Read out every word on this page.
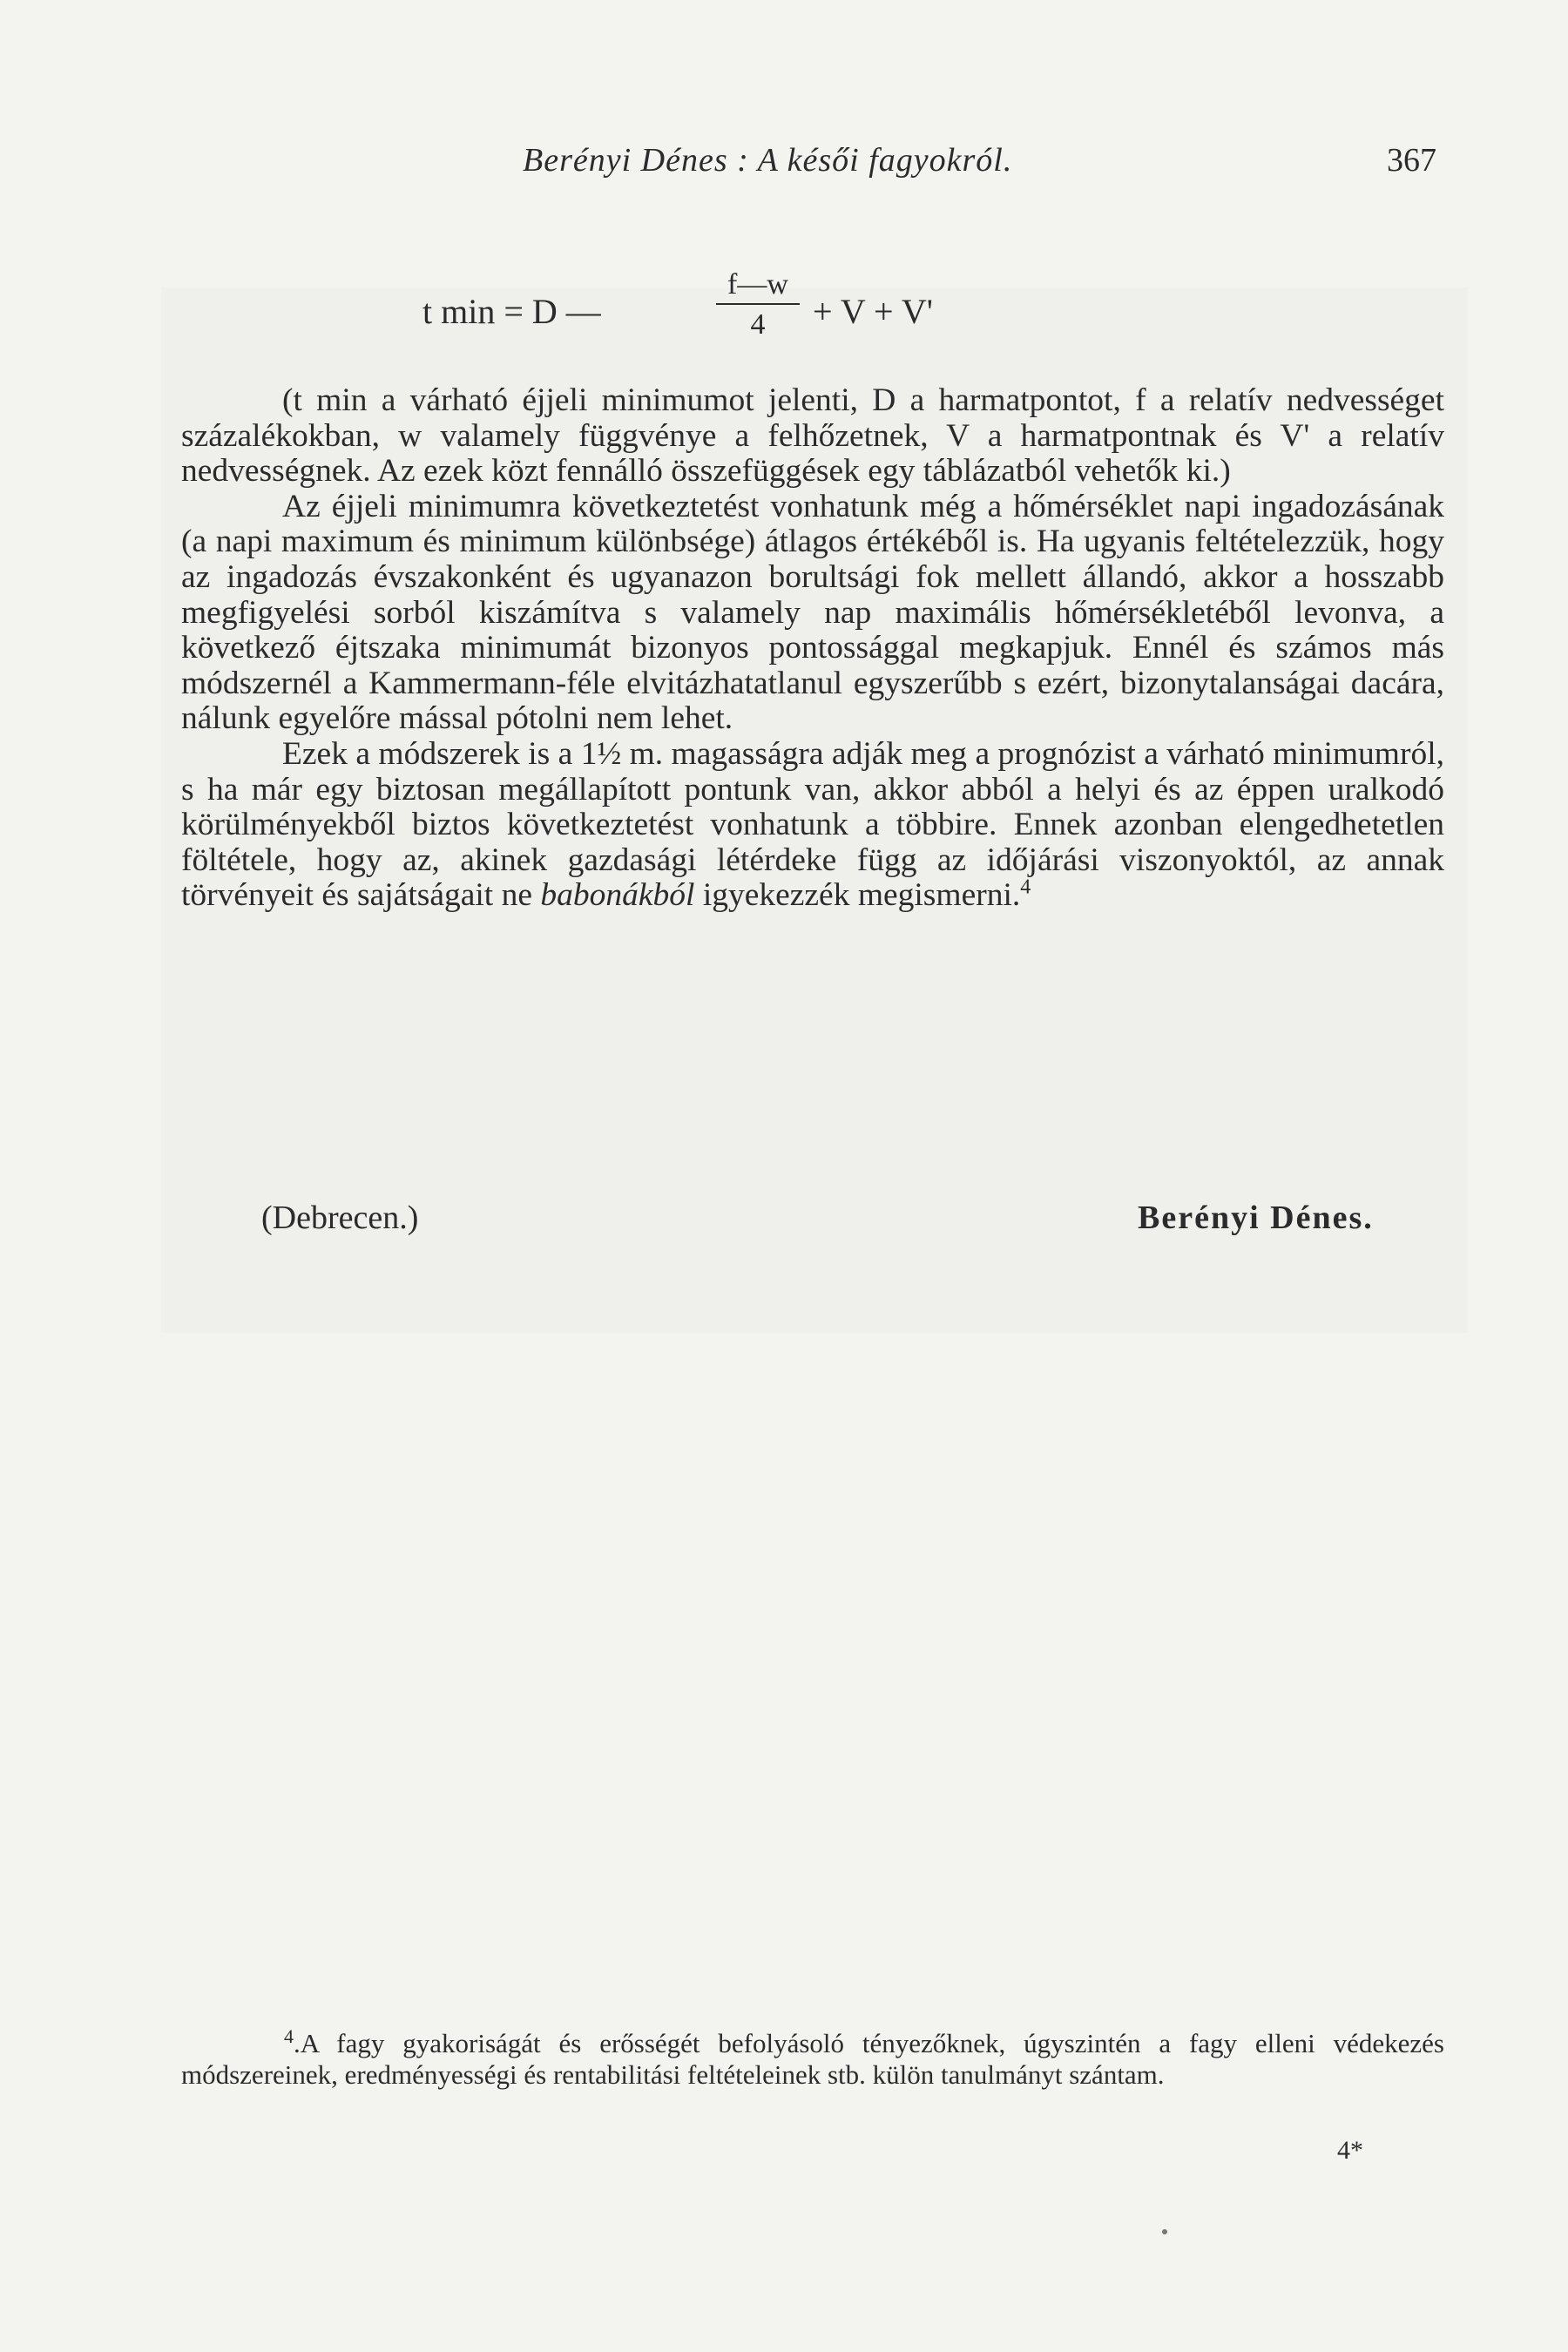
Berényi Dénes : A késői fagyokról.	367
t min = D —
f—w
4	+ V + V'

(t min a várható éjjeli minimumot jelenti, D a harmatpontot, f a relatív nedvességet százalékokban, w valamely függvénye a felhőzetnek, V a harmatpontnak és V' a relatív nedvességnek. Az ezek közt fennálló összefüggések egy táblázatból vehetők ki.)

Az éjjeli minimumra következtetést vonhatunk még a hőmérséklet napi ingadozásának (a napi maximum és minimum különbsége) átlagos értékéből is. Ha ugyanis feltételezzük, hogy az ingadozás évszakonként és ugyanazon borultsági fok mellett állandó, akkor a hosszabb megfigyelési sorból kiszámítva s valamely nap maximális hőmérsékletéből levonva, a következő éjtszaka minimumát bizonyos pontossággal megkapjuk. Ennél és számos más módszernél a Kammermann-féle elvitázhatatlanul egyszerűbb s ezért, bizonytalanságai dacára, nálunk egyelőre mással pótolni nem lehet.

Ezek a módszerek is a 1½ m. magasságra adják meg a prognózist a várható minimumról, s ha már egy biztosan megállapított pontunk van, akkor abból a helyi és az éppen uralkodó körülményekből biztos következtetést vonhatunk a többire. Ennek azonban elengedhetetlen föltétele, hogy az, akinek gazdasági létérdeke függ az időjárási viszonyoktól, az annak törvényeit és sajátságait ne babonákból igyekezzék megismerni.$^4$

(Debrecen.)	Berényi Dénes.
4.A fagy gyakoriságát és erősségét befolyásoló tényezőknek, úgyszintén a fagy elleni védekezés módszereinek, eredményességi és rentabilitási feltételeinek stb. külön tanulmányt szántam.
4*
